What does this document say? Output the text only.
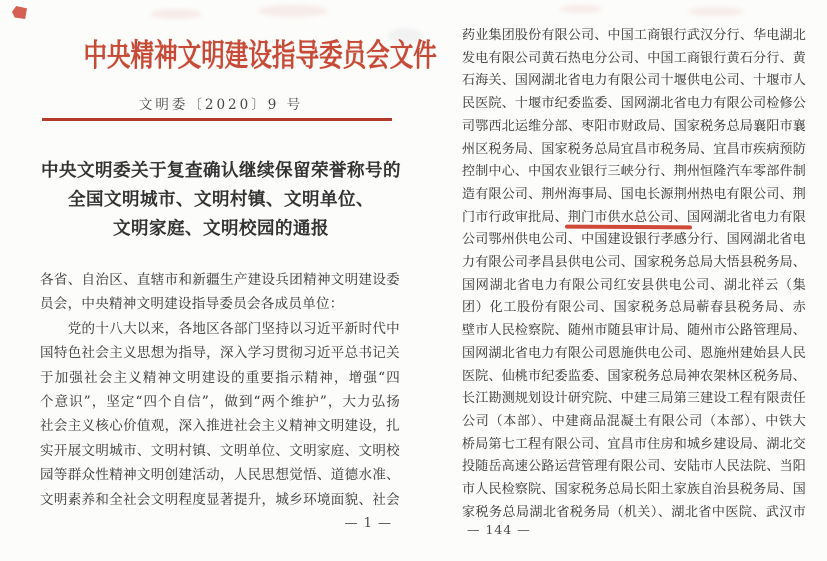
中央精神文明建设指导委员会文件
文明委〔2020〕9 号
中央文明委关于复查确认继续保留荣誉称号的
全国文明城市、文明村镇、文明单位、
文明家庭、文明校园的通报
各省、自治区、直辖市和新疆生产建设兵团精神文明建设委
员会，中央精神文明建设指导委员会各成员单位：
　　党的十八大以来，各地区各部门坚持以习近平新时代中
国特色社会主义思想为指导，深入学习贯彻习近平总书记关
于加强社会主义精神文明建设的重要指示精神，增强“四
个意识”，坚定“四个自信”，做到“两个维护”，大力弘扬
社会主义核心价值观，深入推进社会主义精神文明建设，扎
实开展文明城市、文明村镇、文明单位、文明家庭、文明校
园等群众性精神文明创建活动，人民思想觉悟、道德水准、
文明素养和全社会文明程度显著提升，城乡环境面貌、社会
— 1 —
药业集团股份有限公司、中国工商银行武汉分行、华电湖北
发电有限公司黄石热电分公司、中国工商银行黄石分行、黄
石海关、国网湖北省电力有限公司十堰供电公司、十堰市人
民医院、十堰市纪委监委、国网湖北省电力有限公司检修公
司鄂西北运维分部、枣阳市财政局、国家税务总局襄阳市襄
州区税务局、国家税务总局宜昌市税务局、宜昌市疾病预防
控制中心、中国农业银行三峡分行、荆州恒隆汽车零部件制
造有限公司、荆州海事局、国电长源荆州热电有限公司、荆
门市行政审批局、荆门市供水总公司、国网湖北省电力有限
公司鄂州供电公司、中国建设银行孝感分行、国网湖北省电
力有限公司孝昌县供电公司、国家税务总局大悟县税务局、
国网湖北省电力有限公司红安县供电公司、湖北祥云（集
团）化工股份有限公司、国家税务总局蕲春县税务局、赤
壁市人民检察院、随州市随县审计局、随州市公路管理局、
国网湖北省电力有限公司恩施供电公司、恩施州建始县人民
医院、仙桃市纪委监委、国家税务总局神农架林区税务局、
长江勘测规划设计研究院、中建三局第三建设工程有限责任
公司（本部）、中建商品混凝土有限公司（本部）、中铁大
桥局第七工程有限公司、宜昌市住房和城乡建设局、湖北交
投随岳高速公路运营管理有限公司、安陆市人民法院、当阳
市人民检察院、国家税务总局长阳土家族自治县税务局、国
家税务总局湖北省税务局（机关）、湖北省中医院、武汉市
— 144 —
